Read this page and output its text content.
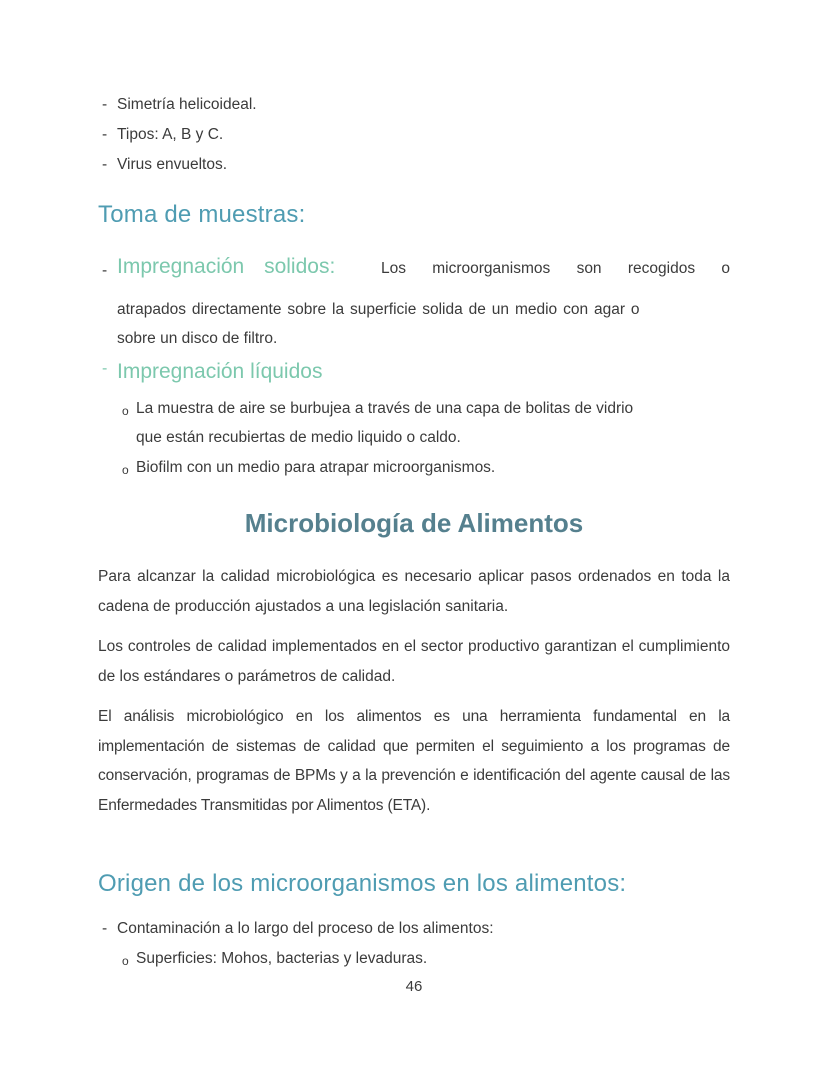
- Simetría helicoideal.
- Tipos: A, B y C.
- Virus envueltos.
Toma de muestras:
- Impregnación solidos:	Los microorganismos son recogidos o
atrapados directamente sobre la superficie solida de un medio con agar o
sobre un disco de filtro.
- Impregnación líquidos
o La muestra de aire se burbujea a través de una capa de bolitas de vidrio
que están recubiertas de medio liquido o caldo.
o Biofilm con un medio para atrapar microorganismos.
Microbiología de Alimentos

Para alcanzar la calidad microbiológica es necesario aplicar pasos ordenados en toda la cadena de producción ajustados a una legislación sanitaria.

Los controles de calidad implementados en el sector productivo garantizan el cumplimiento de los estándares o parámetros de calidad.

El análisis microbiológico en los alimentos es una herramienta fundamental en la implementación de sistemas de calidad que permiten el seguimiento a los programas de conservación, programas de BPMs y a la prevención e identificación del agente causal de las Enfermedades Transmitidas por Alimentos (ETA).

Origen de los microorganismos en los alimentos:
- Contaminación a lo largo del proceso de los alimentos:
o Superficies: Mohos, bacterias y levaduras.
46
